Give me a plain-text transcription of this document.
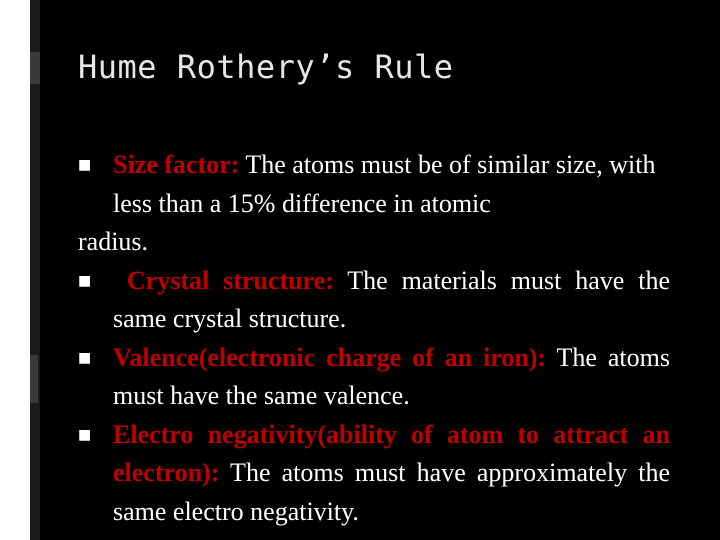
Hume Rothery’s Rule

■ Size factor: The atoms must be of similar size, with less than a 15% difference in atomic

radius.

■ Crystal structure: The materials must have the same crystal structure.

■ Valence(electronic charge of an iron): The atoms must have the same valence.

■ Electro negativity(ability of atom to attract an electron): The atoms must have approximately the same electro negativity.
